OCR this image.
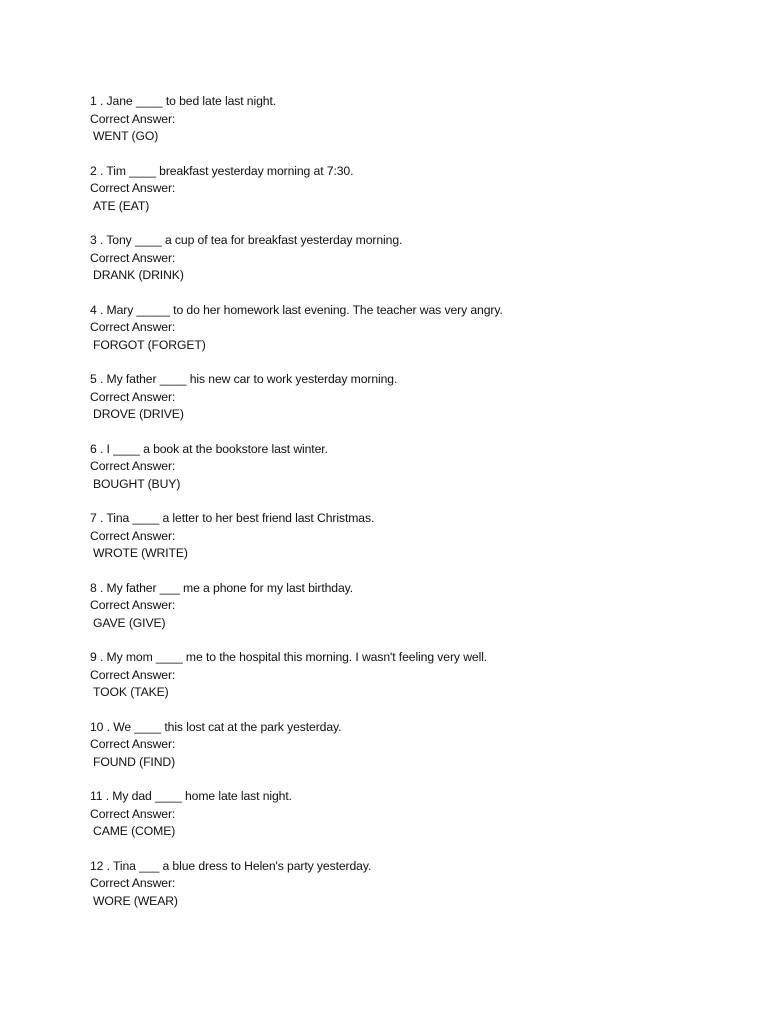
1 . Jane ____ to bed late last night.
Correct Answer:
WENT (GO)
2 . Tim ____ breakfast yesterday morning at 7:30.
Correct Answer:
ATE (EAT)
3 . Tony ____ a cup of tea for breakfast yesterday morning.
Correct Answer:
DRANK (DRINK)
4 . Mary _____ to do her homework last evening. The teacher was very angry.
Correct Answer:
FORGOT (FORGET)
5 . My father ____ his new car to work yesterday morning.
Correct Answer:
DROVE (DRIVE)
6 . I ____ a book at the bookstore last winter.
Correct Answer:
BOUGHT (BUY)
7 . Tina ____ a letter to her best friend last Christmas.
Correct Answer:
WROTE (WRITE)
8 . My father ___ me a phone for my last birthday.
Correct Answer:
GAVE (GIVE)
9 . My mom ____ me to the hospital this morning. I wasn't feeling very well.
Correct Answer:
TOOK (TAKE)
10 . We ____ this lost cat at the park yesterday.
Correct Answer:
FOUND (FIND)
11 . My dad ____ home late last night.
Correct Answer:
CAME (COME)
12 . Tina ___ a blue dress to Helen's party yesterday.
Correct Answer:
WORE (WEAR)
